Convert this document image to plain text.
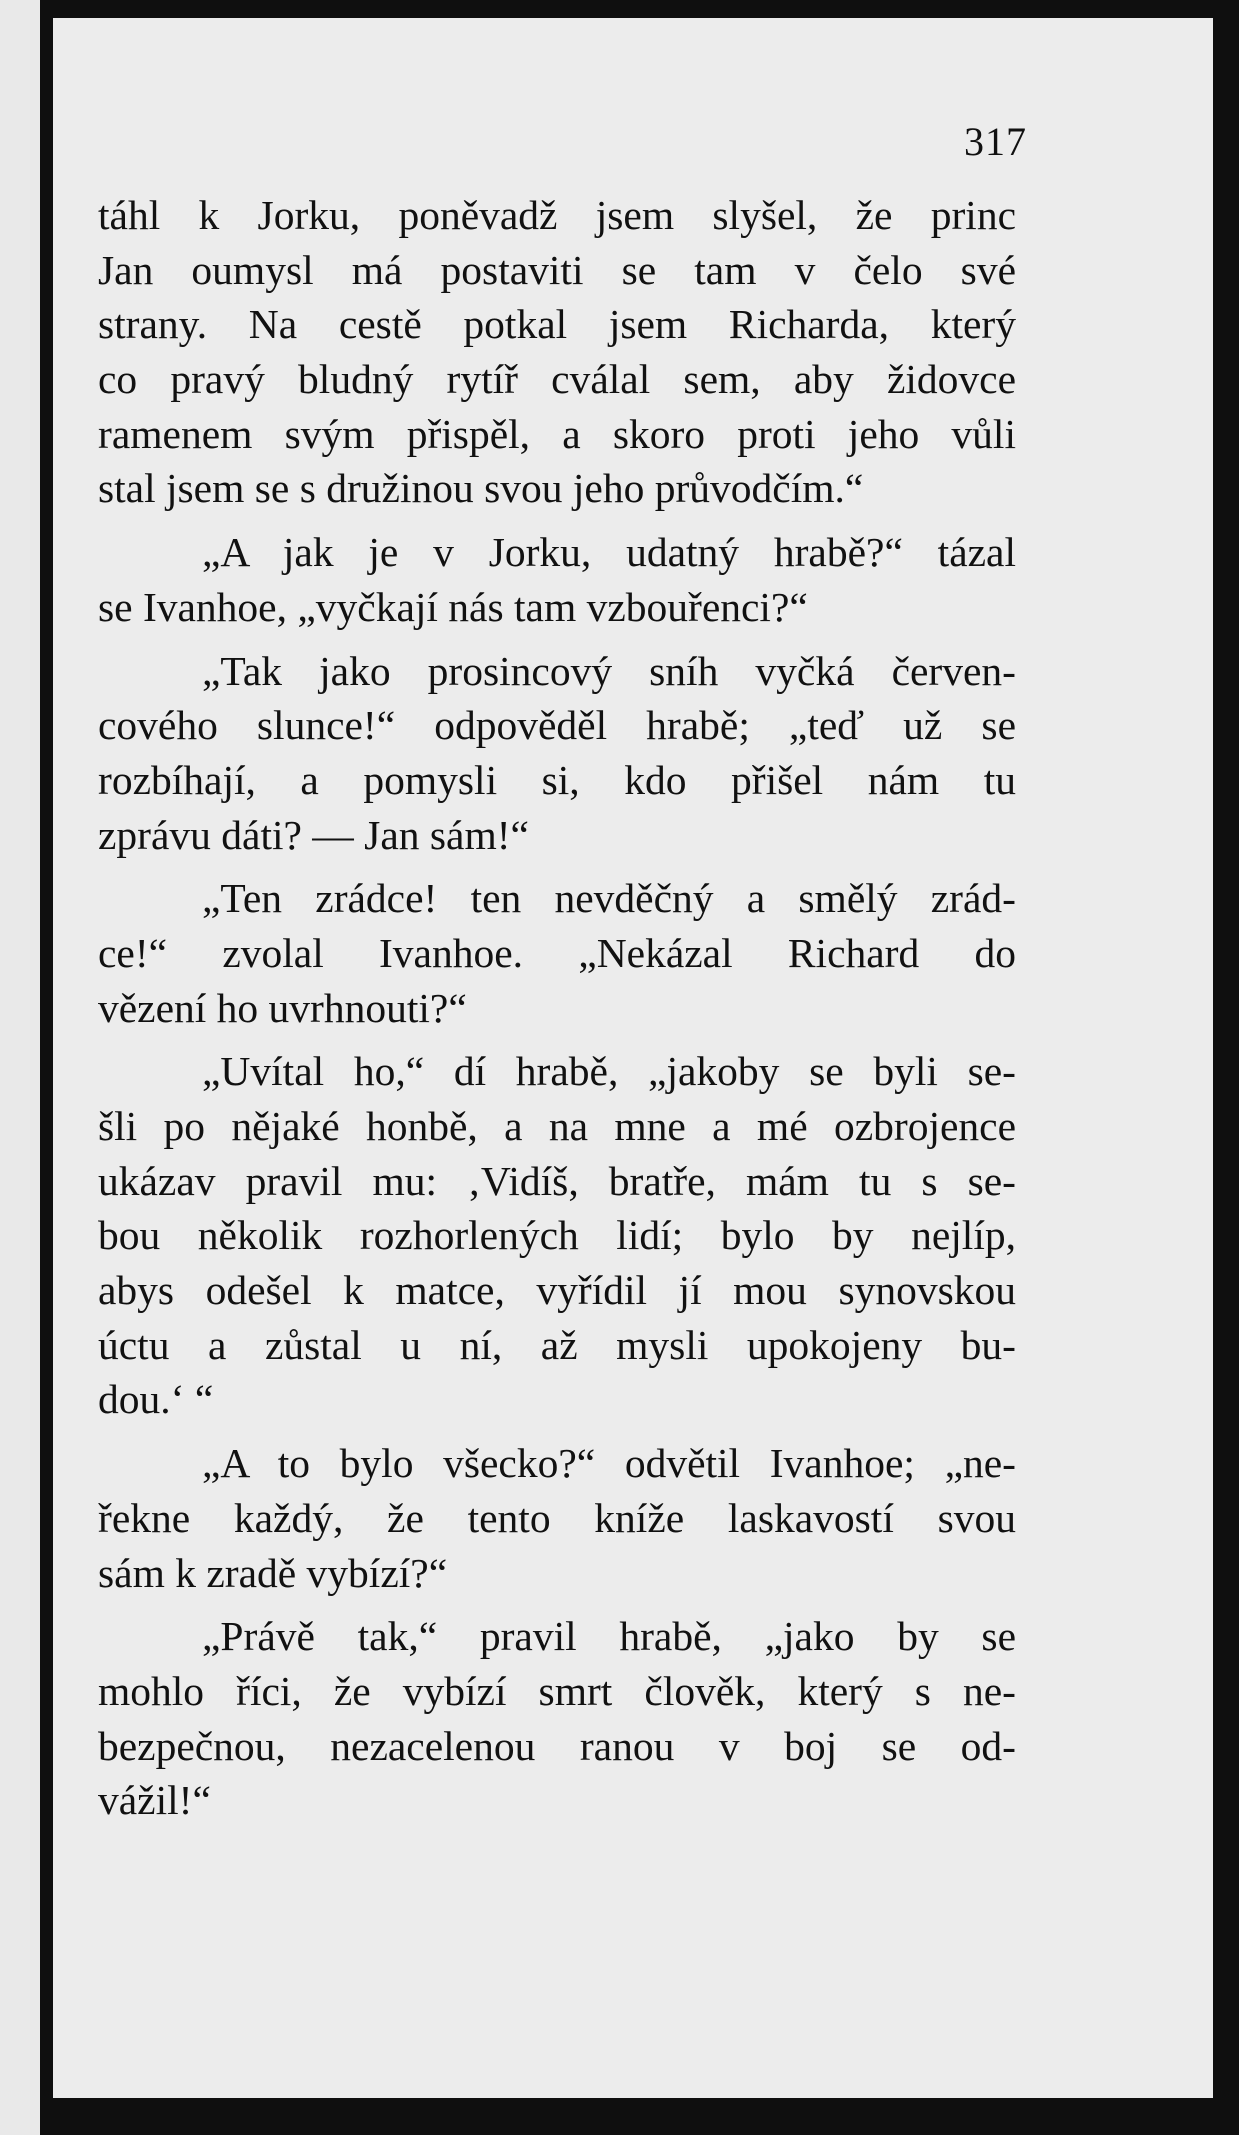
317
táhl k Jorku, poněvadž jsem slyšel, že princ
Jan oumysl má postaviti se tam v čelo své
strany. Na cestě potkal jsem Richarda, který
co pravý bludný rytíř cválal sem, aby židovce
ramenem svým přispěl, a skoro proti jeho vůli
stal jsem se s družinou svou jeho průvodčím.“
„A jak je v Jorku, udatný hrabě?“ tázal
se Ivanhoe, „vyčkají nás tam vzbouřenci?“
„Tak jako prosincový sníh vyčká červen-
cového slunce!“ odpověděl hrabě; „teď už se
rozbíhají, a pomysli si, kdo přišel nám tu
zprávu dáti? — Jan sám!“
„Ten zrádce! ten nevděčný a smělý zrád-
ce!“ zvolal Ivanhoe. „Nekázal Richard do
vězení ho uvrhnouti?“
„Uvítal ho,“ dí hrabě, „jakoby se byli se-
šli po nějaké honbě, a na mne a mé ozbrojence
ukázav pravil mu: ‚Vidíš, bratře, mám tu s se-
bou několik rozhorlených lidí; bylo by nejlíp,
abys odešel k matce, vyřídil jí mou synovskou
úctu a zůstal u ní, až mysli upokojeny bu-
dou.‘ “
„A to bylo všecko?“ odvětil Ivanhoe; „ne-
řekne každý, že tento kníže laskavostí svou
sám k zradě vybízí?“
„Právě tak,“ pravil hrabě, „jako by se
mohlo říci, že vybízí smrt člověk, který s ne-
bezpečnou, nezacelenou ranou v boj se od-
vážil!“
